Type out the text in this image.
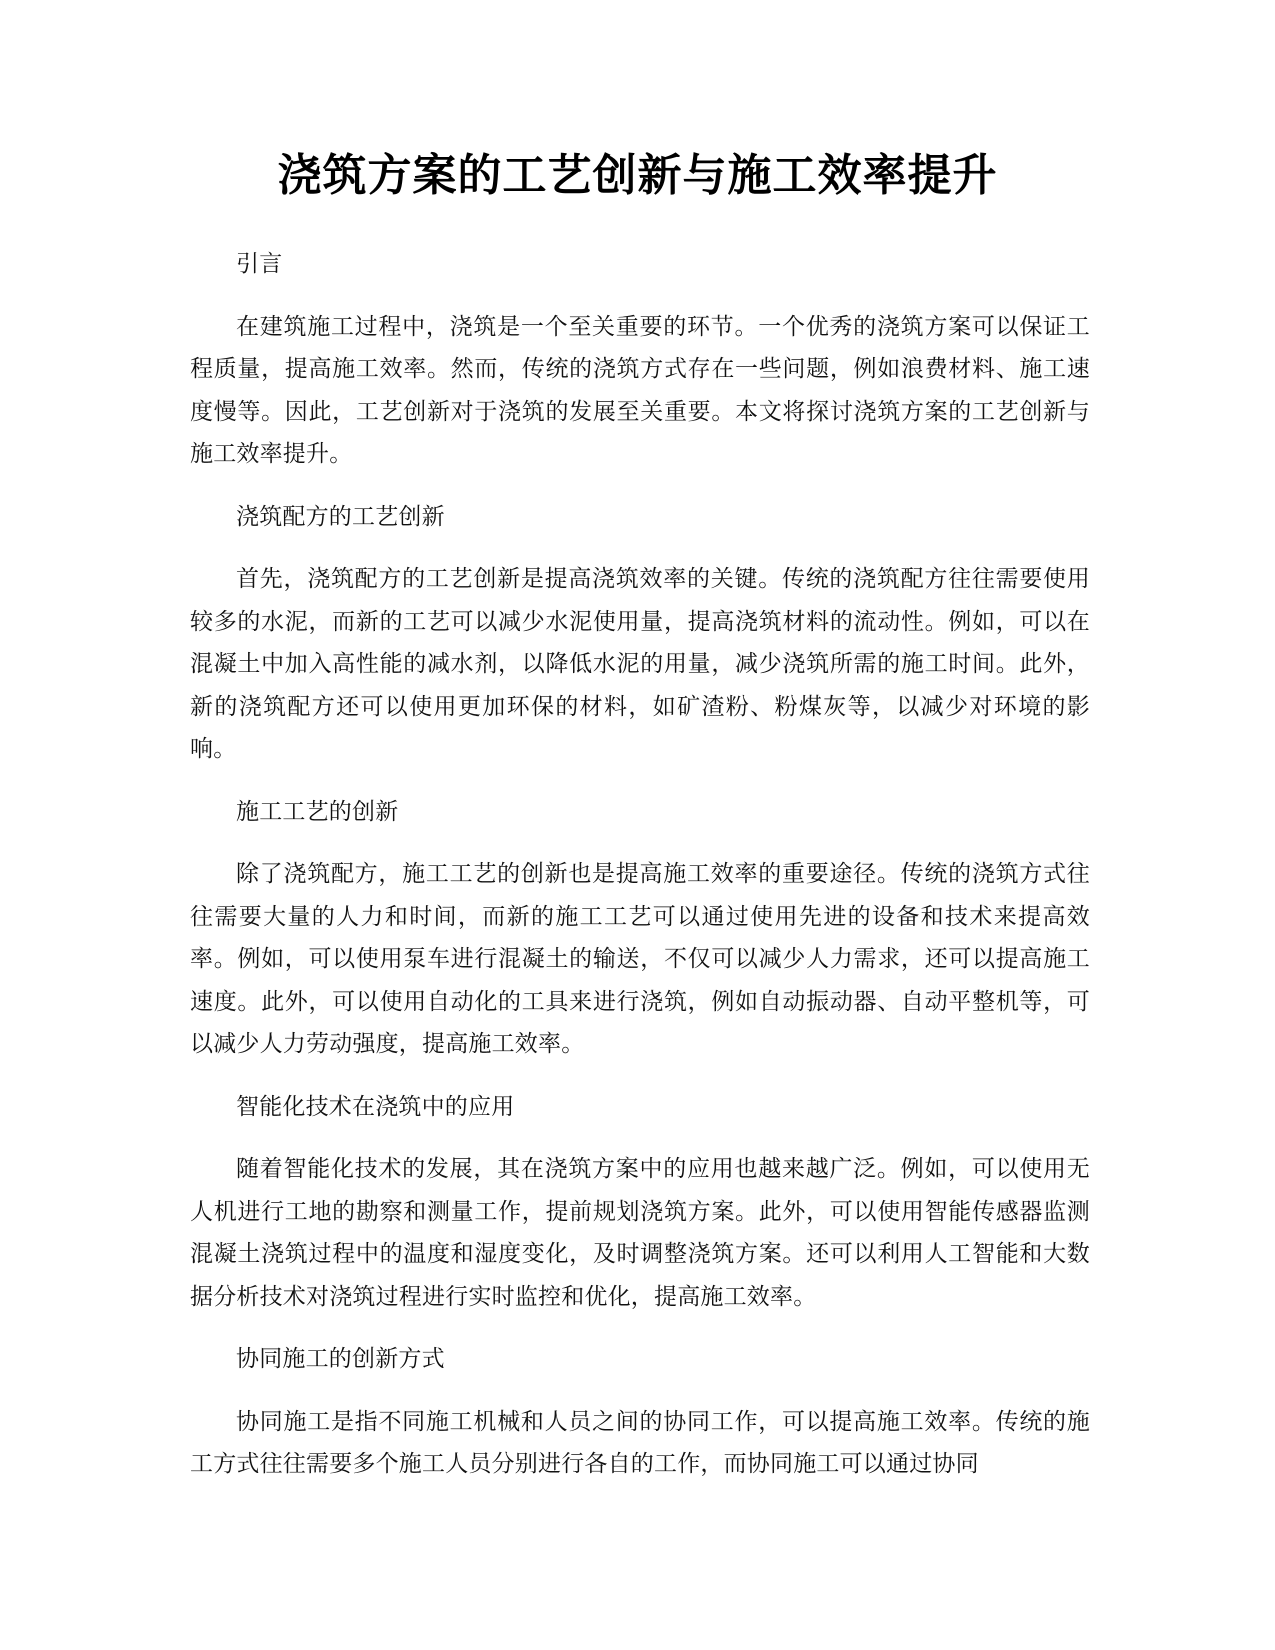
浇筑方案的工艺创新与施工效率提升

引言

在建筑施工过程中，浇筑是一个至关重要的环节。一个优秀的浇筑方案可以保证工程质量，提高施工效率。然而，传统的浇筑方式存在一些问题，例如浪费材料、施工速度慢等。因此，工艺创新对于浇筑的发展至关重要。本文将探讨浇筑方案的工艺创新与施工效率提升。

浇筑配方的工艺创新

首先，浇筑配方的工艺创新是提高浇筑效率的关键。传统的浇筑配方往往需要使用较多的水泥，而新的工艺可以减少水泥使用量，提高浇筑材料的流动性。例如，可以在混凝土中加入高性能的减水剂，以降低水泥的用量，减少浇筑所需的施工时间。此外，新的浇筑配方还可以使用更加环保的材料，如矿渣粉、粉煤灰等，以减少对环境的影响。

施工工艺的创新

除了浇筑配方，施工工艺的创新也是提高施工效率的重要途径。传统的浇筑方式往往需要大量的人力和时间，而新的施工工艺可以通过使用先进的设备和技术来提高效率。例如，可以使用泵车进行混凝土的输送，不仅可以减少人力需求，还可以提高施工速度。此外，可以使用自动化的工具来进行浇筑，例如自动振动器、自动平整机等，可以减少人力劳动强度，提高施工效率。

智能化技术在浇筑中的应用

随着智能化技术的发展，其在浇筑方案中的应用也越来越广泛。例如，可以使用无人机进行工地的勘察和测量工作，提前规划浇筑方案。此外，可以使用智能传感器监测混凝土浇筑过程中的温度和湿度变化，及时调整浇筑方案。还可以利用人工智能和大数据分析技术对浇筑过程进行实时监控和优化，提高施工效率。

协同施工的创新方式

协同施工是指不同施工机械和人员之间的协同工作，可以提高施工效率。传统的施工方式往往需要多个施工人员分别进行各自的工作，而协同施工可以通过协同
